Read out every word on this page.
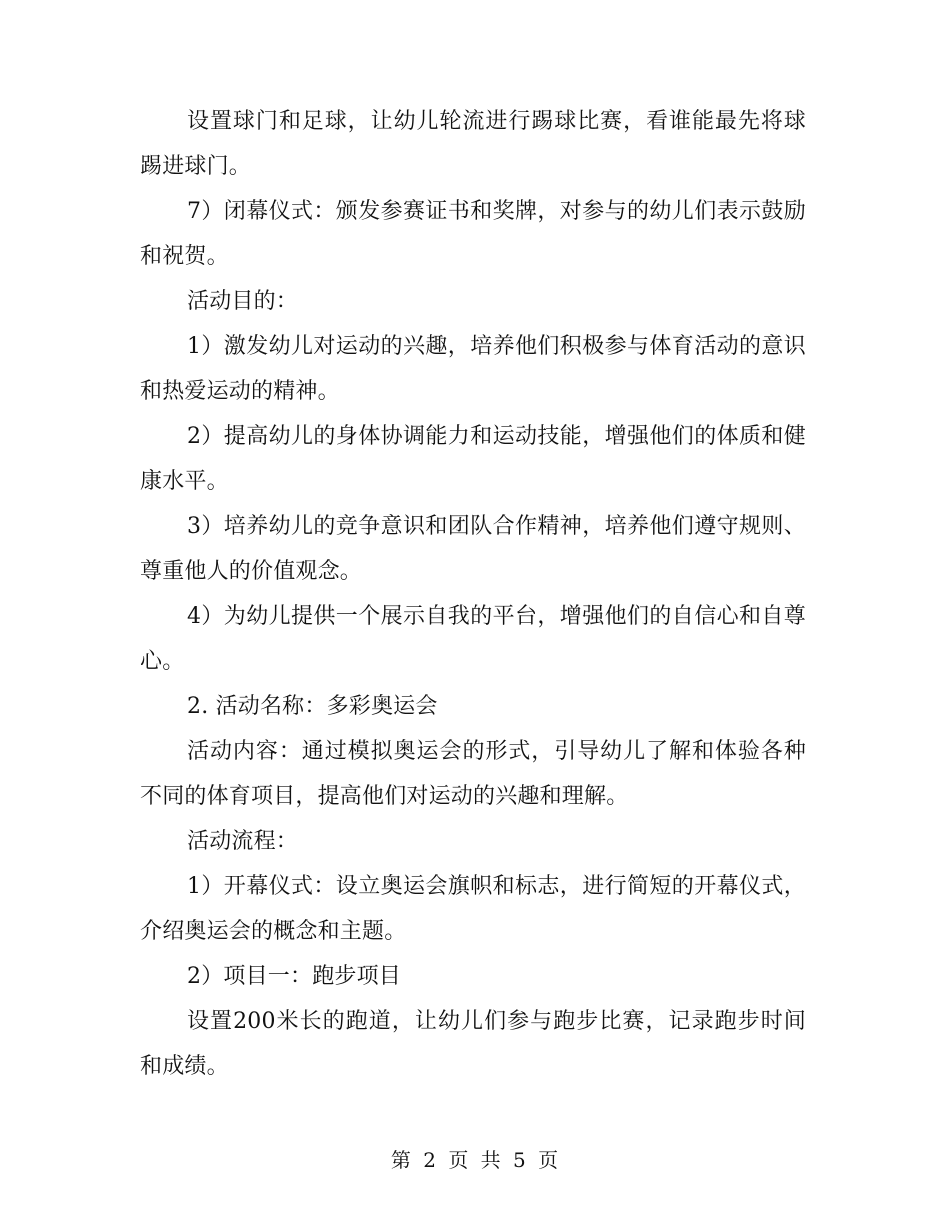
设置球门和足球，让幼儿轮流进行踢球比赛，看谁能最先将球踢进球门。

7）闭幕仪式：颁发参赛证书和奖牌，对参与的幼儿们表示鼓励和祝贺。

活动目的：

1）激发幼儿对运动的兴趣，培养他们积极参与体育活动的意识和热爱运动的精神。

2）提高幼儿的身体协调能力和运动技能，增强他们的体质和健康水平。

3）培养幼儿的竞争意识和团队合作精神，培养他们遵守规则、尊重他人的价值观念。

4）为幼儿提供一个展示自我的平台，增强他们的自信心和自尊心。

2. 活动名称：多彩奥运会

活动内容：通过模拟奥运会的形式，引导幼儿了解和体验各种不同的体育项目，提高他们对运动的兴趣和理解。

活动流程：

1）开幕仪式：设立奥运会旗帜和标志，进行简短的开幕仪式，介绍奥运会的概念和主题。

2）项目一：跑步项目

设置200米长的跑道，让幼儿们参与跑步比赛，记录跑步时间和成绩。

第 2 页 共 5 页
